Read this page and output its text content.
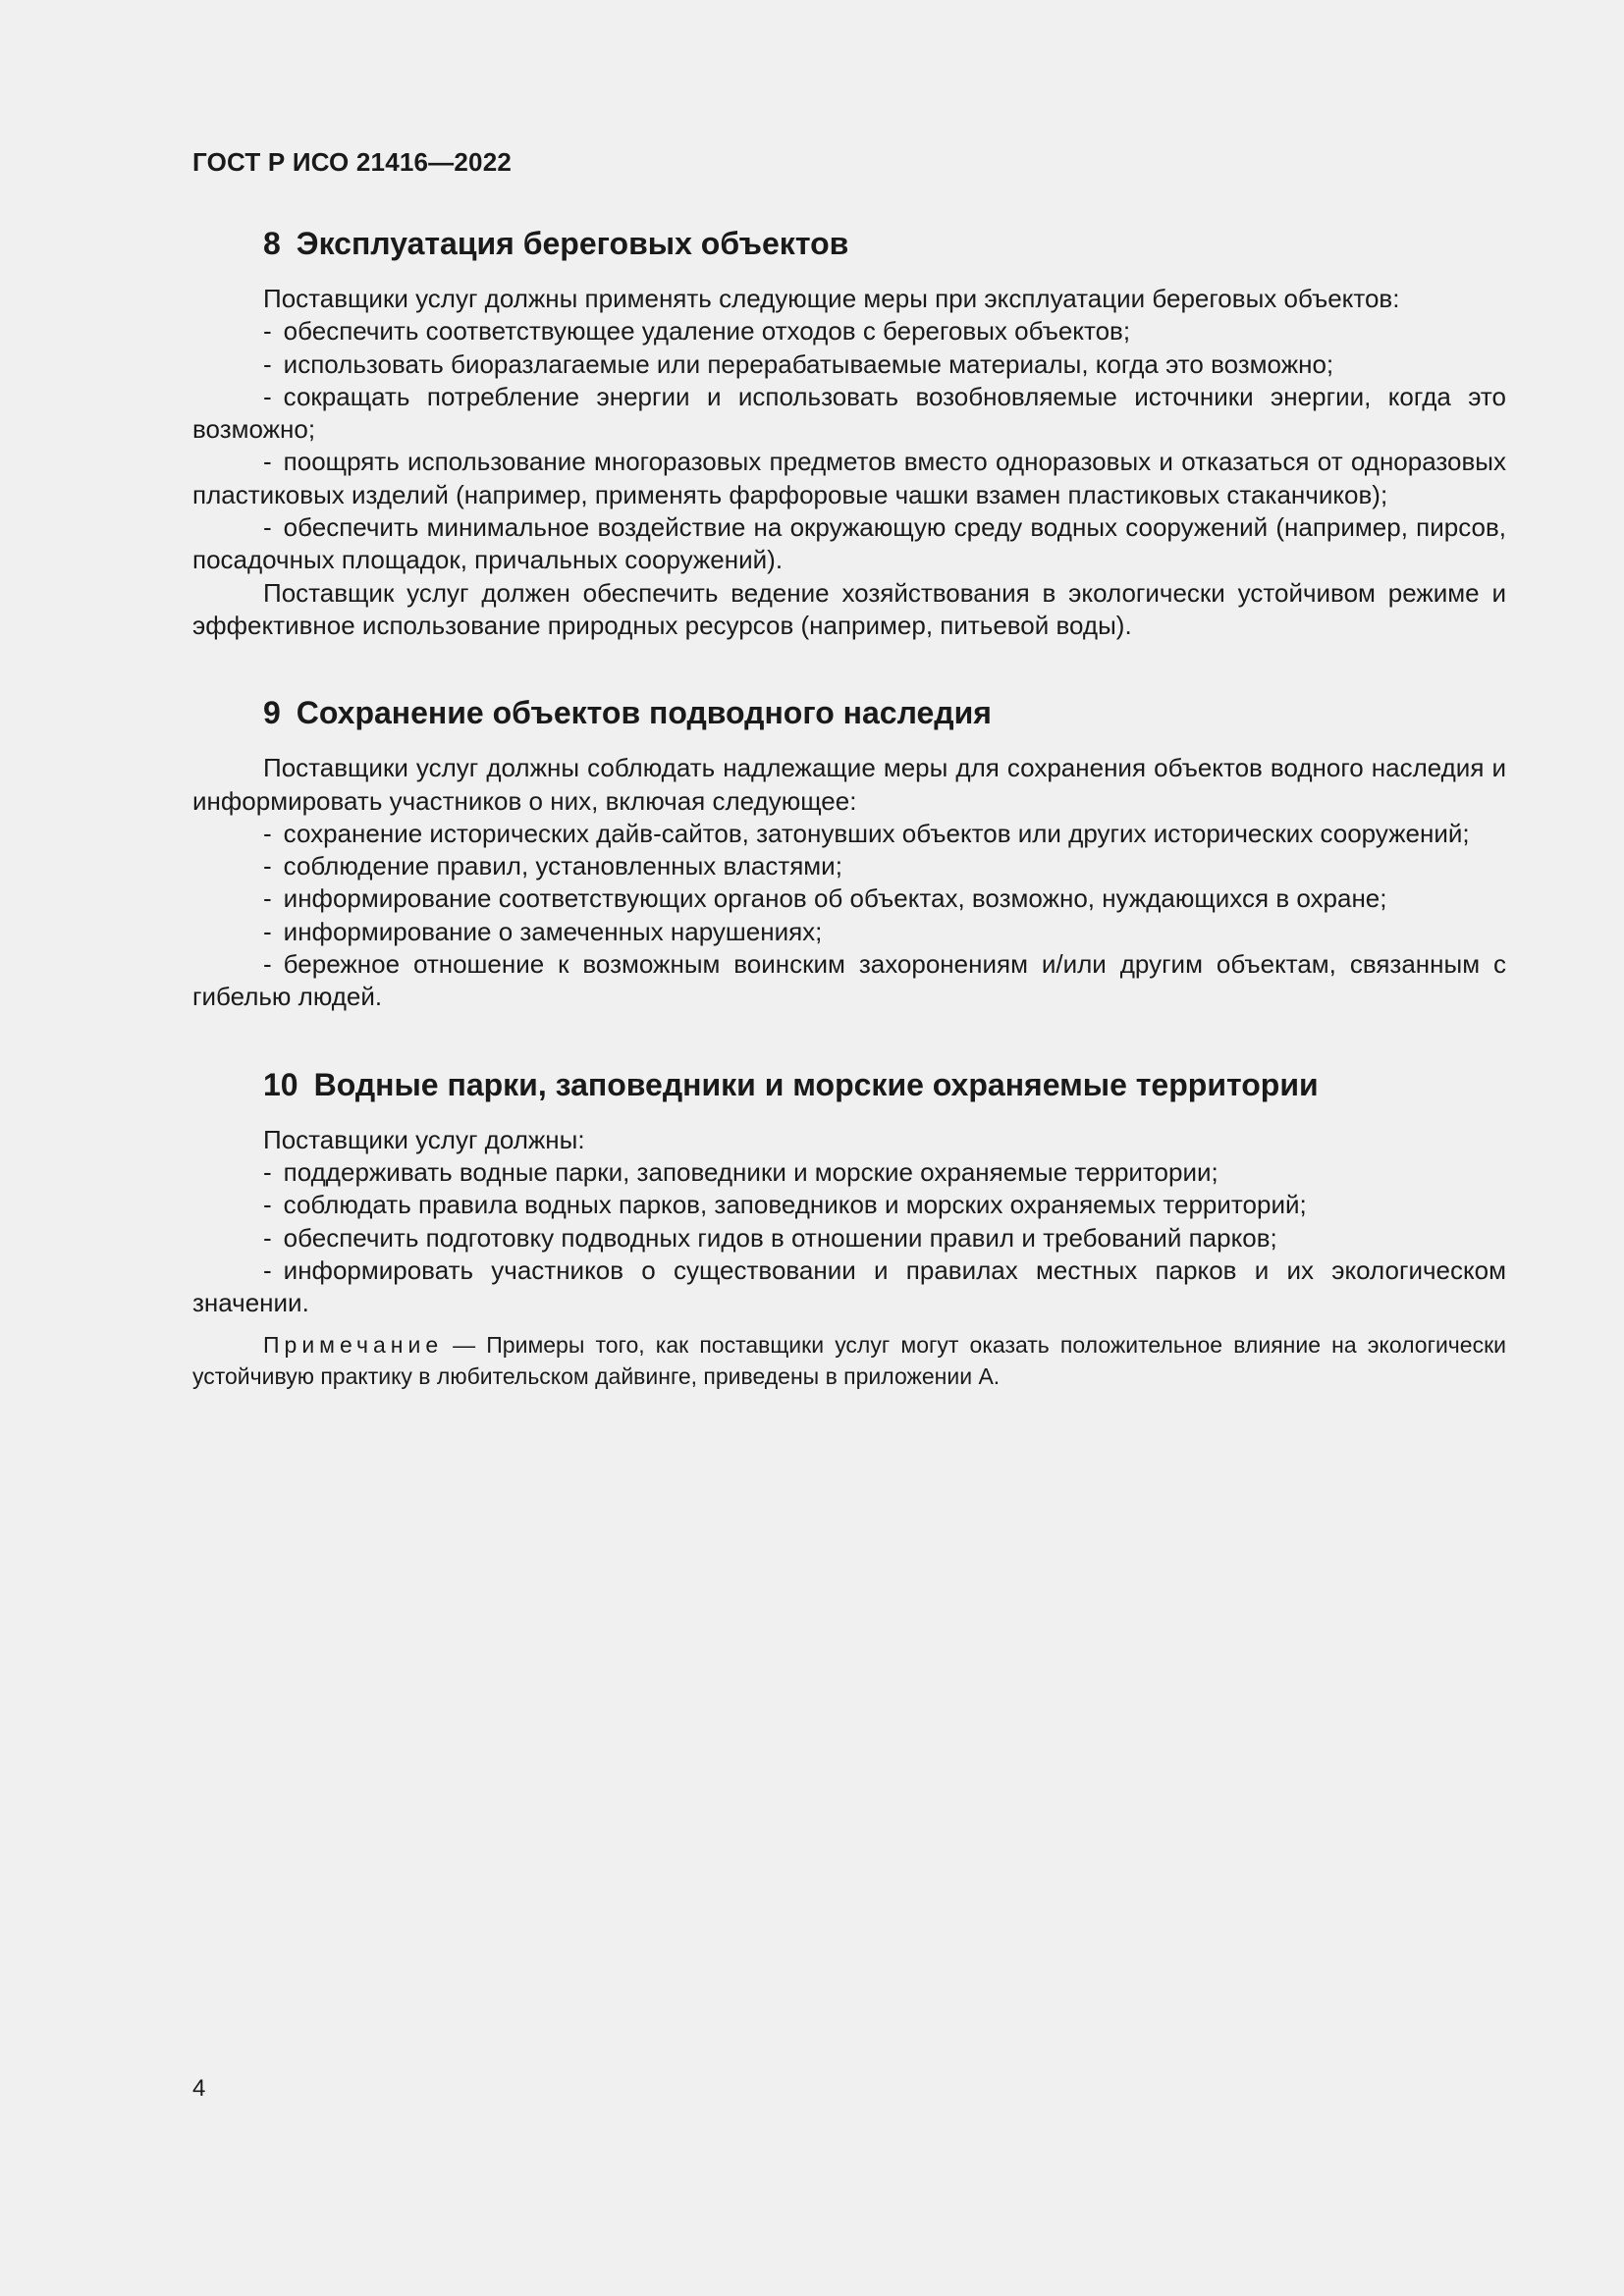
ГОСТ Р ИСО 21416—2022
8 Эксплуатация береговых объектов

Поставщики услуг должны применять следующие меры при эксплуатации береговых объектов:

- обеспечить соответствующее удаление отходов с береговых объектов;

- использовать биоразлагаемые или перерабатываемые материалы, когда это возможно;

- сокращать потребление энергии и использовать возобновляемые источники энергии, когда это возможно;

- поощрять использование многоразовых предметов вместо одноразовых и отказаться от одноразовых пластиковых изделий (например, применять фарфоровые чашки взамен пластиковых стаканчиков);

- обеспечить минимальное воздействие на окружающую среду водных сооружений (например, пирсов, посадочных площадок, причальных сооружений).

Поставщик услуг должен обеспечить ведение хозяйствования в экологически устойчивом режиме и эффективное использование природных ресурсов (например, питьевой воды).

9 Сохранение объектов подводного наследия

Поставщики услуг должны соблюдать надлежащие меры для сохранения объектов водного наследия и информировать участников о них, включая следующее:

- сохранение исторических дайв-сайтов, затонувших объектов или других исторических сооружений;

- соблюдение правил, установленных властями;

- информирование соответствующих органов об объектах, возможно, нуждающихся в охране;

- информирование о замеченных нарушениях;

- бережное отношение к возможным воинским захоронениям и/или другим объектам, связанным с гибелью людей.

10 Водные парки, заповедники и морские охраняемые территории

Поставщики услуг должны:

- поддерживать водные парки, заповедники и морские охраняемые территории;

- соблюдать правила водных парков, заповедников и морских охраняемых территорий;

- обеспечить подготовку подводных гидов в отношении правил и требований парков;

- информировать участников о существовании и правилах местных парков и их экологическом значении.

Примечание — Примеры того, как поставщики услуг могут оказать положительное влияние на экологически устойчивую практику в любительском дайвинге, приведены в приложении А.

4
